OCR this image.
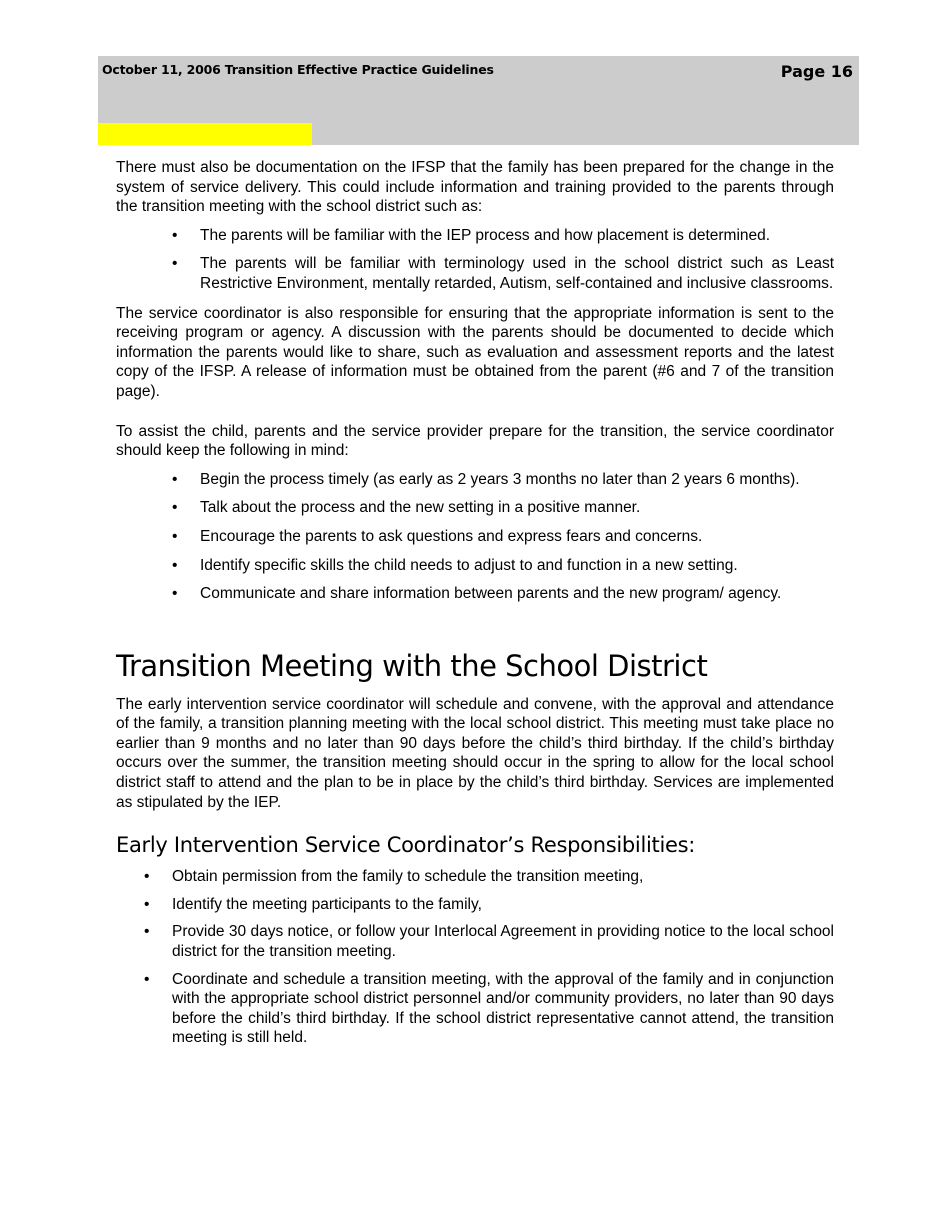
October 11, 2006 Transition Effective Practice Guidelines	Page 16

There must also be documentation on the IFSP that the family has been prepared for the change in the system of service delivery. This could include information and training provided to the parents through the transition meeting with the school district such as:

• The parents will be familiar with the IEP process and how placement is determined.
• The parents will be familiar with terminology used in the school district such as Least Restrictive Environment, mentally retarded, Autism, self-contained and inclusive classrooms.

The service coordinator is also responsible for ensuring that the appropriate information is sent to the receiving program or agency. A discussion with the parents should be documented to decide which information the parents would like to share, such as evaluation and assessment reports and the latest copy of the IFSP. A release of information must be obtained from the parent (#6 and 7 of the transition page).

To assist the child, parents and the service provider prepare for the transition, the service coordinator should keep the following in mind:

• Begin the process timely (as early as 2 years 3 months no later than 2 years 6 months).
• Talk about the process and the new setting in a positive manner.
• Encourage the parents to ask questions and express fears and concerns.
• Identify specific skills the child needs to adjust to and function in a new setting.
• Communicate and share information between parents and the new program/ agency.
Transition Meeting with the School District

The early intervention service coordinator will schedule and convene, with the approval and attendance of the family, a transition planning meeting with the local school district. This meeting must take place no earlier than 9 months and no later than 90 days before the child’s third birthday. If the child’s birthday occurs over the summer, the transition meeting should occur in the spring to allow for the local school district staff to attend and the plan to be in place by the child’s third birthday. Services are implemented as stipulated by the IEP.

Early Intervention Service Coordinator’s Responsibilities:
• Obtain permission from the family to schedule the transition meeting,
• Identify the meeting participants to the family,
• Provide 30 days notice, or follow your Interlocal Agreement in providing notice to the local school district for the transition meeting.
• Coordinate and schedule a transition meeting, with the approval of the family and in conjunction with the appropriate school district personnel and/or community providers, no later than 90 days before the child’s third birthday. If the school district representative cannot attend, the transition meeting is still held.
